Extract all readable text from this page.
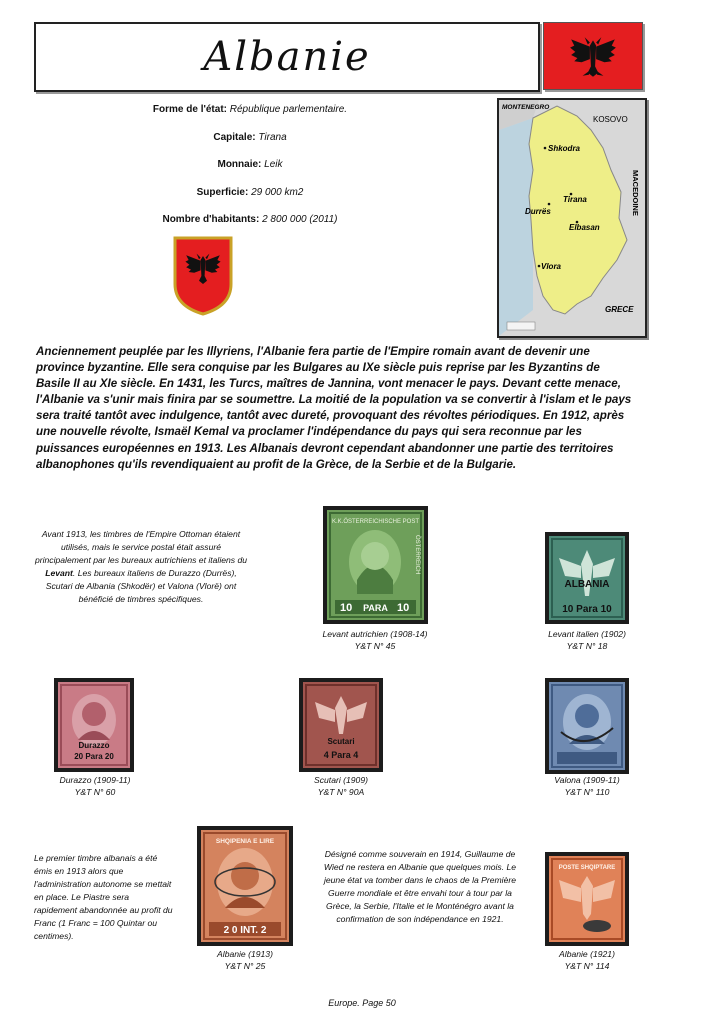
Albanie

Forme de l'état: République parlementaire.

Capitale: Tirana

Monnaie: Leik

Superficie: 29 000 km2

Nombre d'habitants: 2 800 000 (2011)

MONTENEGRO
KOSOVO
Shkodra
Tirana
Durrës
Elbasan
Vlora
MACEDOINE
GRECE
Anciennement peuplée par les Illyriens, l'Albanie fera partie de l'Empire romain avant de devenir une province byzantine. Elle sera conquise par les Bulgares au IXe siècle puis reprise par les Byzantins de Basile II au XIe siècle. En 1431, les Turcs, maîtres de Jannina, vont menacer le pays. Devant cette menace, l'Albanie va s'unir mais finira par se soumettre. La moitié de la population va se convertir à l'islam et le pays sera traité tantôt avec indulgence, tantôt avec dureté, provoquant des révoltes périodiques. En 1912, après une nouvelle révolte, Ismaël Kemal va proclamer l'indépendance du pays qui sera reconnue par les puissances européennes en 1913. Les Albanais devront cependant abandonner une partie des territoires albanophones qu'ils revendiquaient au profit de la Grèce, de la Serbie et de la Bulgarie.
Avant 1913, les timbres de l'Empire Ottoman étaient utilisés, mais le service postal était assuré principalement par les bureaux autrichiens et italiens du Levant. Les bureaux italiens de Durazzo (Durrës), Scutari de Albania (Shkodër) et Valona (Vlorë) ont bénéficié de timbres spécifiques.
K.K.ÖSTERREICHISCHE POST
ÖSTERREICH
10 PARA 10
Levant autrichien (1908-14)
Y&T N° 45
ALBANIA
10 Para 10
Levant italien (1902)
Y&T N° 18
Durazzo
20 Para 20
Durazzo (1909-11)
Y&T N° 60
Scutari
4 Para 4
Scutari (1909)
Y&T N° 90A
Valona (1909-11)
Y&T N° 110
Le premier timbre albanais a été émis en 1913 alors que l'administration autonome se mettait en place. Le Piastre sera rapidement abandonnée au profit du Franc (1 Franc = 100 Quintar ou centimes).
SHQIPENIA E LIRE
2 0 INT. 2
Albanie (1913)
Y&T N° 25
Désigné comme souverain en 1914, Guillaume de Wied ne restera en Albanie que quelques mois. Le jeune état va tomber dans le chaos de la Première Guerre mondiale et être envahi tour à tour par la Grèce, la Serbie, l'Italie et le Monténégro avant la confirmation de son indépendance en 1921.
POSTE SHQIPTARE
Albanie (1921)
Y&T N° 114
Europe. Page 50
